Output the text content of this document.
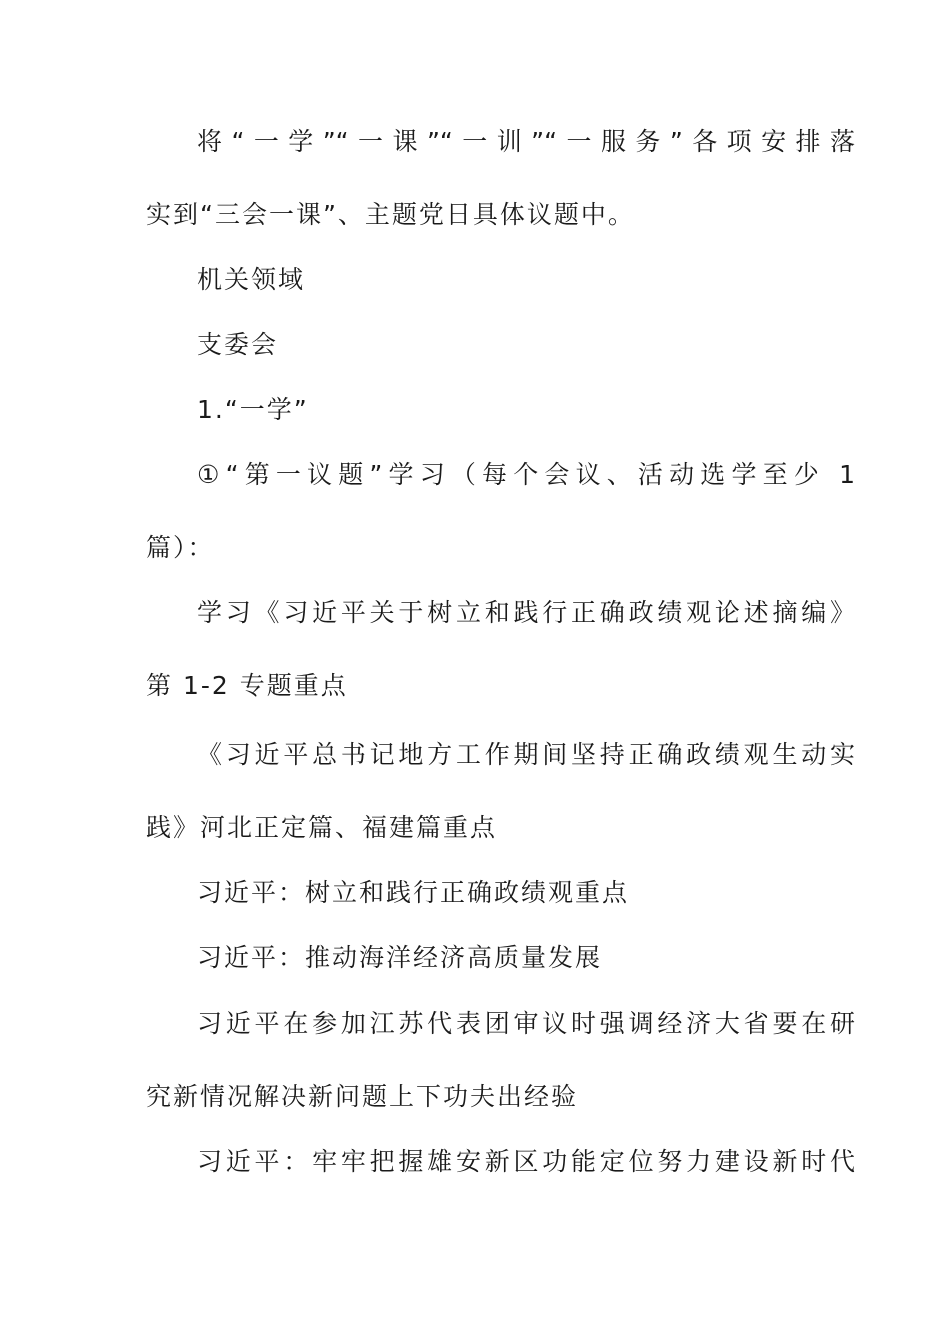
将“一学”“一课”“一训”“一服务”各项安排落

实到“三会一课”、主题党日具体议题中。

机关领域

支委会

1.“一学”

①“第一议题”学习（每个会议、活动选学至少 1

篇）：

学习《习近平关于树立和践行正确政绩观论述摘编》

第 1-2 专题重点

《习近平总书记地方工作期间坚持正确政绩观生动实

践》河北正定篇、福建篇重点

习近平：树立和践行正确政绩观重点

习近平：推动海洋经济高质量发展

习近平在参加江苏代表团审议时强调经济大省要在研

究新情况解决新问题上下功夫出经验

习近平：牢牢把握雄安新区功能定位努力建设新时代
